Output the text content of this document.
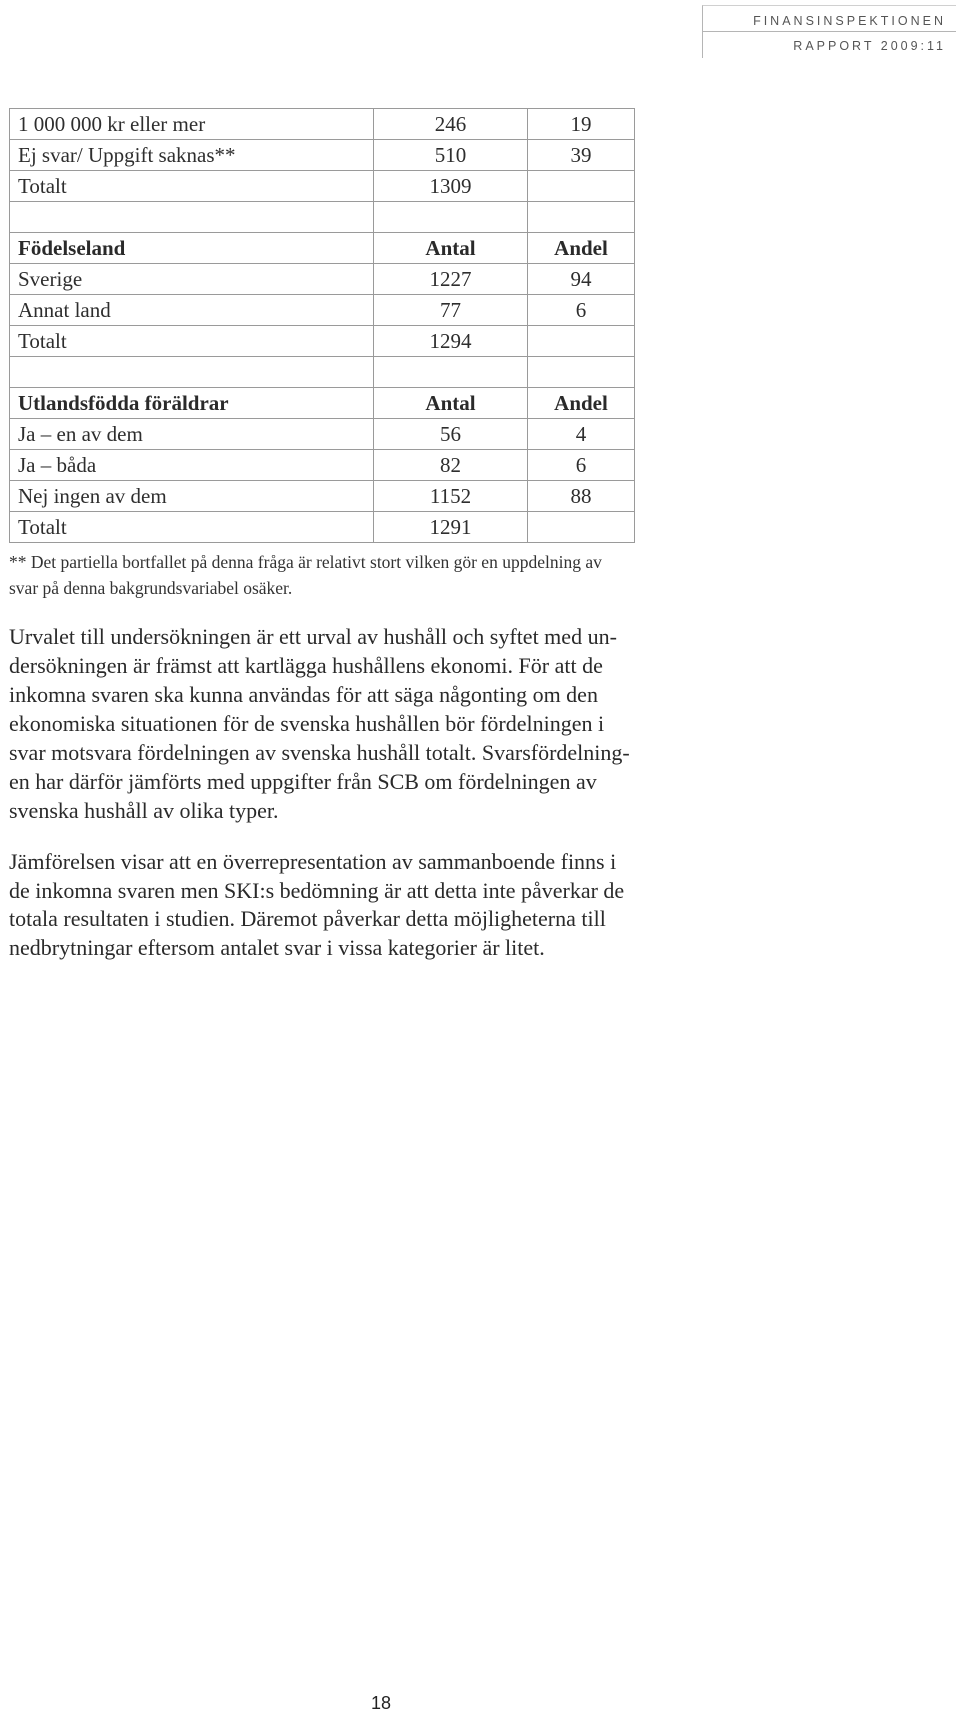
FINANSINSPEKTIONEN
RAPPORT 2009:11
1 000 000 kr eller mer	246	19
Ej svar/ Uppgift saknas**	510	39
Totalt	1309	

Födelseland	Antal	Andel
Sverige	1227	94
Annat land	77	6
Totalt	1294	

Utlandsfödda föräldrar	Antal	Andel
Ja – en av dem	56	4
Ja – båda	82	6
Nej ingen av dem	1152	88
Totalt	1291	
** Det partiella bortfallet på denna fråga är relativt stort vilken gör en uppdelning av
svar på denna bakgrundsvariabel osäker.
Urvalet till undersökningen är ett urval av hushåll och syftet med un-
dersökningen är främst att kartlägga hushållens ekonomi. För att de
inkomna svaren ska kunna användas för att säga någonting om den
ekonomiska situationen för de svenska hushållen bör fördelningen i
svar motsvara fördelningen av svenska hushåll totalt. Svarsfördelning-
en har därför jämförts med uppgifter från SCB om fördelningen av
svenska hushåll av olika typer.
Jämförelsen visar att en överrepresentation av sammanboende finns i
de inkomna svaren men SKI:s bedömning är att detta inte påverkar de
totala resultaten i studien. Däremot påverkar detta möjligheterna till
nedbrytningar eftersom antalet svar i vissa kategorier är litet.
18
